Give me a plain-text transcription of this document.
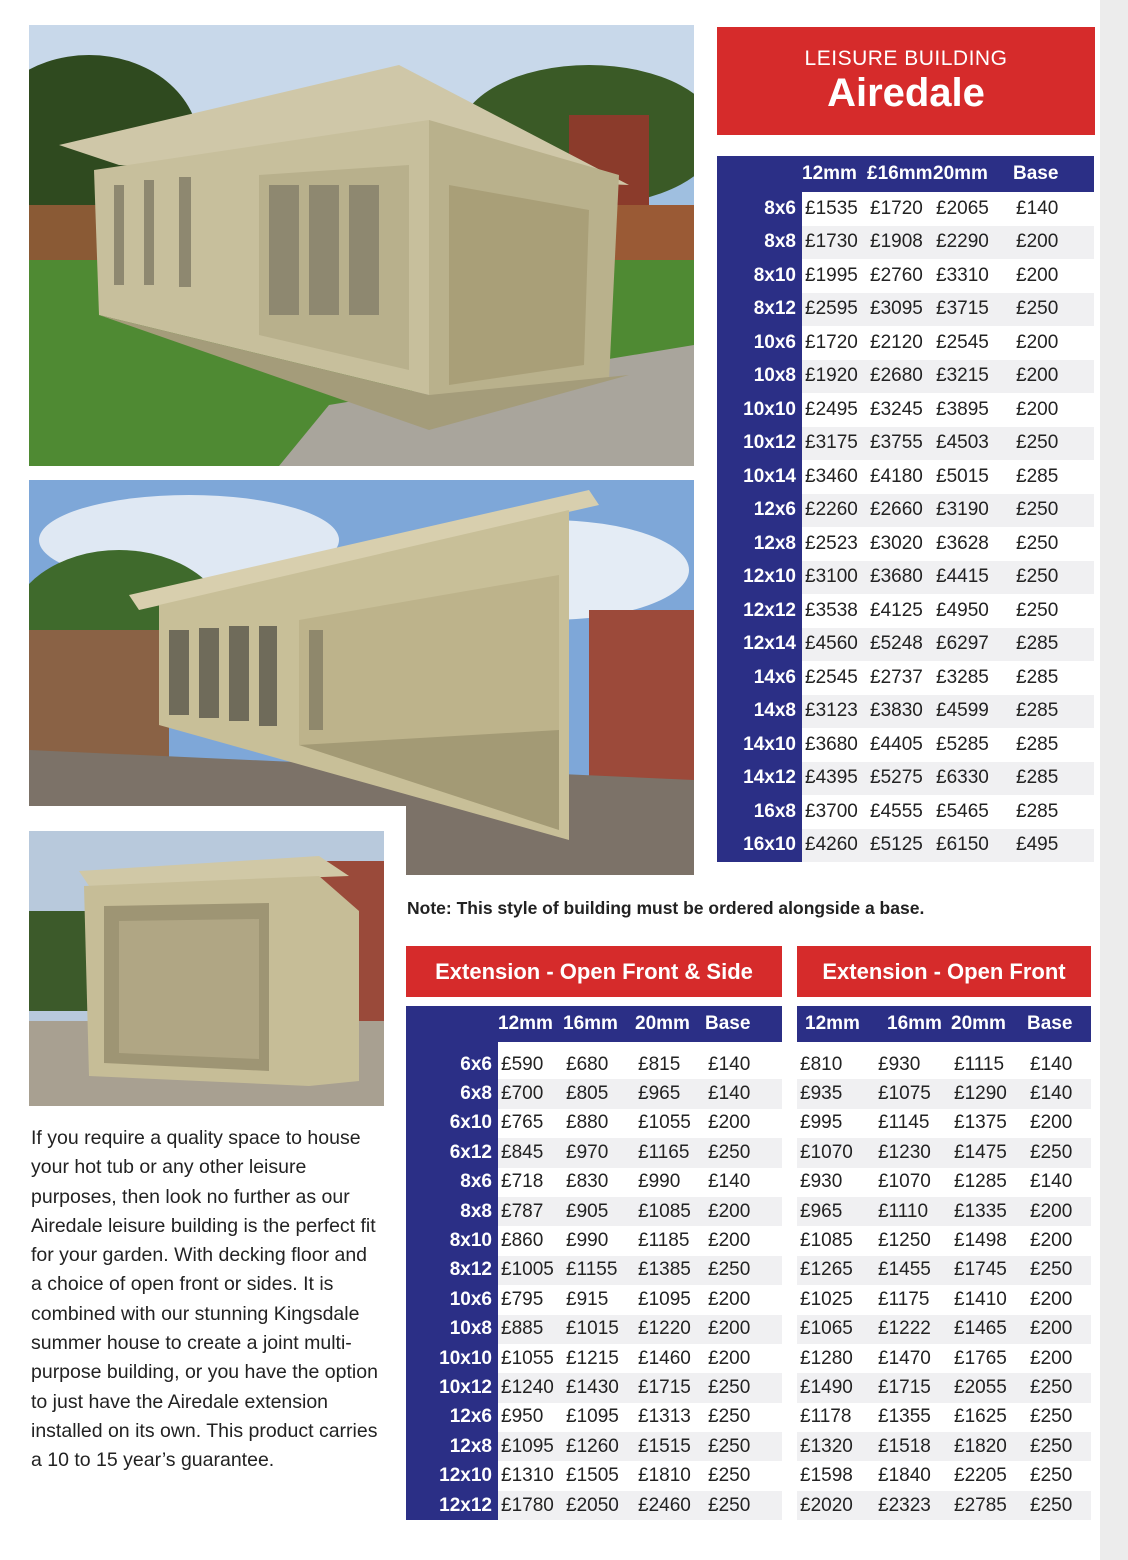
LEISURE BUILDING
Airedale
	12mm	£16mm	20mm	Base
8x6	£1535	£1720	£2065	£140
8x8	£1730	£1908	£2290	£200
8x10	£1995	£2760	£3310	£200
8x12	£2595	£3095	£3715	£250
10x6	£1720	£2120	£2545	£200
10x8	£1920	£2680	£3215	£200
10x10	£2495	£3245	£3895	£200
10x12	£3175	£3755	£4503	£250
10x14	£3460	£4180	£5015	£285
12x6	£2260	£2660	£3190	£250
12x8	£2523	£3020	£3628	£250
12x10	£3100	£3680	£4415	£250
12x12	£3538	£4125	£4950	£250
12x14	£4560	£5248	£6297	£285
14x6	£2545	£2737	£3285	£285
14x8	£3123	£3830	£4599	£285
14x10	£3680	£4405	£5285	£285
14x12	£4395	£5275	£6330	£285
16x8	£3700	£4555	£5465	£285
16x10	£4260	£5125	£6150	£495
Note: This style of building must be ordered alongside a base.
Extension - Open Front & Side	Extension - Open Front
	12mm	16mm	20mm	Base

6x6	£590	£680	£815	£140
6x8	£700	£805	£965	£140
6x10	£765	£880	£1055	£200
6x12	£845	£970	£1165	£250
8x6	£718	£830	£990	£140
8x8	£787	£905	£1085	£200
8x10	£860	£990	£1185	£200
8x12	£1005	£1155	£1385	£250
10x6	£795	£915	£1095	£200
10x8	£885	£1015	£1220	£200
10x10	£1055	£1215	£1460	£200
10x12	£1240	£1430	£1715	£250
12x6	£950	£1095	£1313	£250
12x8	£1095	£1260	£1515	£250
12x10	£1310	£1505	£1810	£250
12x12	£1780	£2050	£2460	£250
12mm	16mm	20mm	Base

£810	£930	£1115	£140
£935	£1075	£1290	£140
£995	£1145	£1375	£200
£1070	£1230	£1475	£250
£930	£1070	£1285	£140
£965	£1110	£1335	£200
£1085	£1250	£1498	£200
£1265	£1455	£1745	£250
£1025	£1175	£1410	£200
£1065	£1222	£1465	£200
£1280	£1470	£1765	£200
£1490	£1715	£2055	£250
£1178	£1355	£1625	£250
£1320	£1518	£1820	£250
£1598	£1840	£2205	£250
£2020	£2323	£2785	£250

If you require a quality space to house your hot tub or any other leisure purposes, then look no further as our Airedale leisure building is the perfect fit for your garden. With decking floor and a choice of open front or sides. It is combined with our stunning Kingsdale summer house to create a joint multi-purpose building, or you have the option to just have the Airedale extension installed on its own. This product carries a 10 to 15 year’s guarantee.
